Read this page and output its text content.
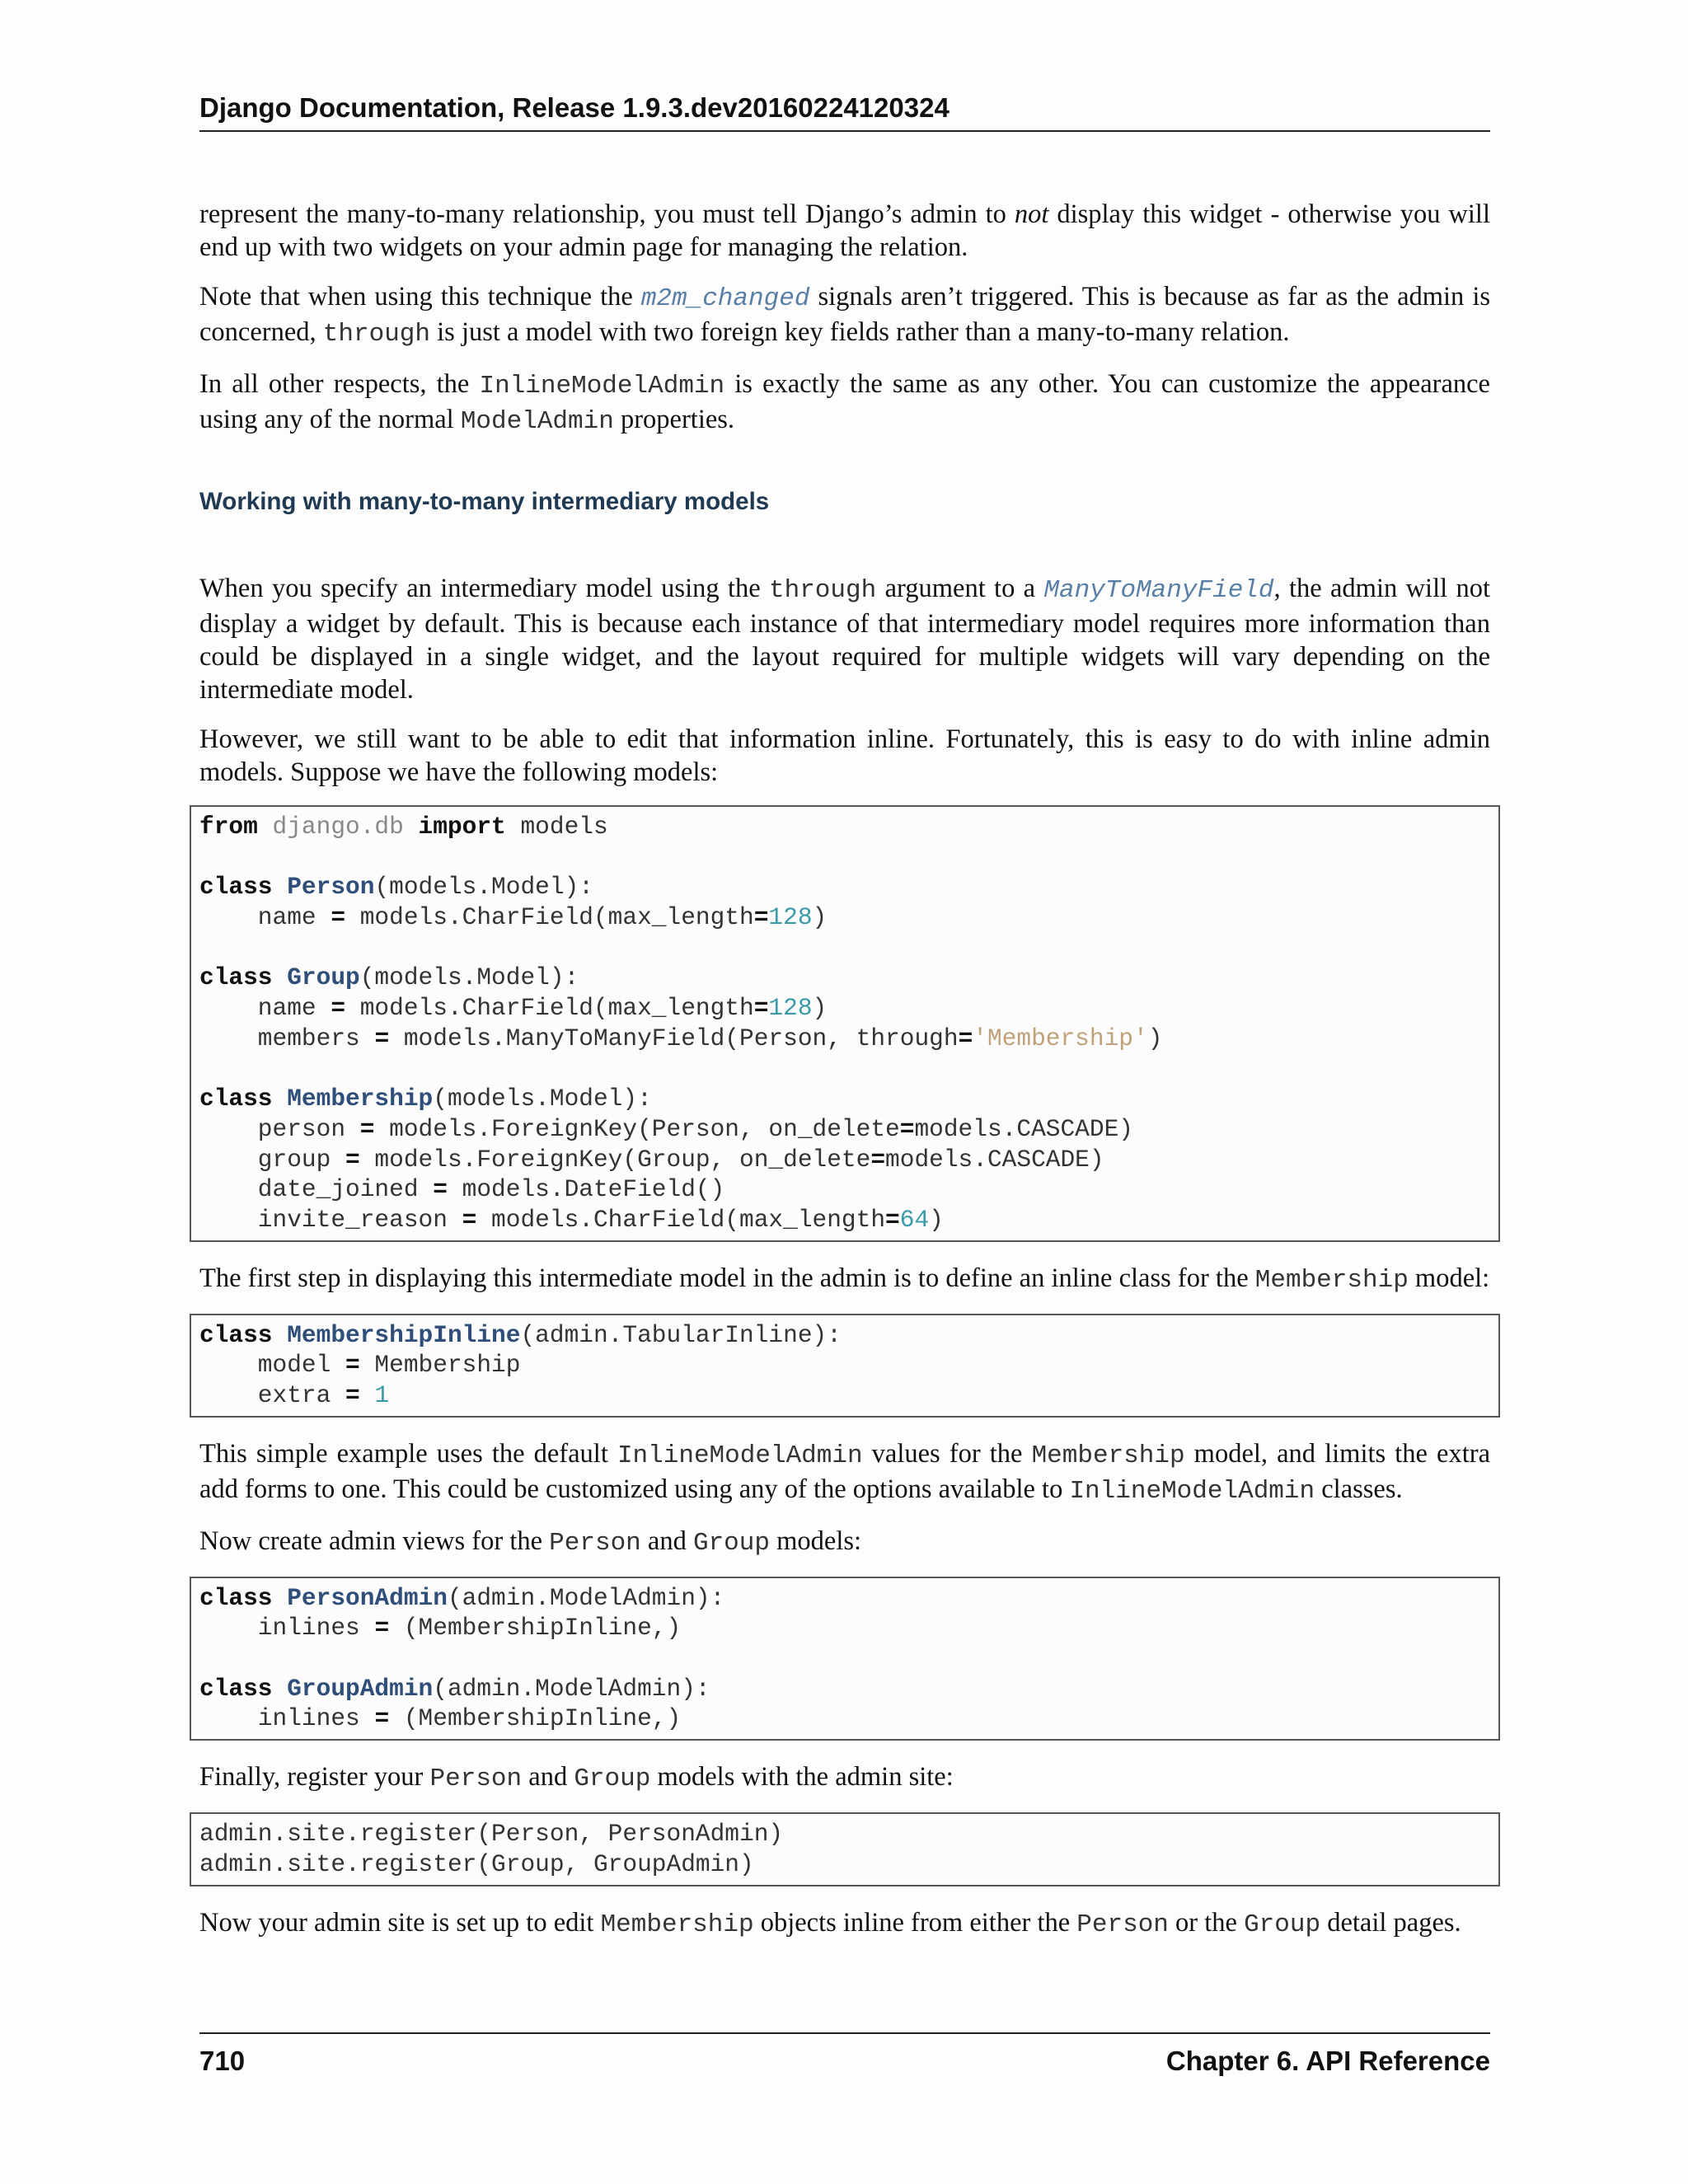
Django Documentation, Release 1.9.3.dev20160224120324

represent the many-to-many relationship, you must tell Django’s admin to not display this widget - otherwise you will end up with two widgets on your admin page for managing the relation.

Note that when using this technique the m2m_changed signals aren’t triggered. This is because as far as the admin is concerned, through is just a model with two foreign key fields rather than a many-to-many relation.

In all other respects, the InlineModelAdmin is exactly the same as any other. You can customize the appearance using any of the normal ModelAdmin properties.

Working with many-to-many intermediary models

When you specify an intermediary model using the through argument to a ManyToManyField, the admin will not display a widget by default. This is because each instance of that intermediary model requires more information than could be displayed in a single widget, and the layout required for multiple widgets will vary depending on the intermediate model.

However, we still want to be able to edit that information inline. Fortunately, this is easy to do with inline admin models. Suppose we have the following models:

from django.db import models
class Person(models.Model):
name = models.CharField(max_length=128)
class Group(models.Model):
name = models.CharField(max_length=128)
members = models.ManyToManyField(Person, through='Membership')
class Membership(models.Model):
person = models.ForeignKey(Person, on_delete=models.CASCADE)
group = models.ForeignKey(Group, on_delete=models.CASCADE)
date_joined = models.DateField()
invite_reason = models.CharField(max_length=64)

The first step in displaying this intermediate model in the admin is to define an inline class for the Membership model:

class MembershipInline(admin.TabularInline):
model = Membership
extra = 1

This simple example uses the default InlineModelAdmin values for the Membership model, and limits the extra add forms to one. This could be customized using any of the options available to InlineModelAdmin classes.

Now create admin views for the Person and Group models:

class PersonAdmin(admin.ModelAdmin):
inlines = (MembershipInline,)
class GroupAdmin(admin.ModelAdmin):
inlines = (MembershipInline,)

Finally, register your Person and Group models with the admin site:

admin.site.register(Person, PersonAdmin)
admin.site.register(Group, GroupAdmin)

Now your admin site is set up to edit Membership objects inline from either the Person or the Group detail pages.

710	Chapter 6. API Reference
